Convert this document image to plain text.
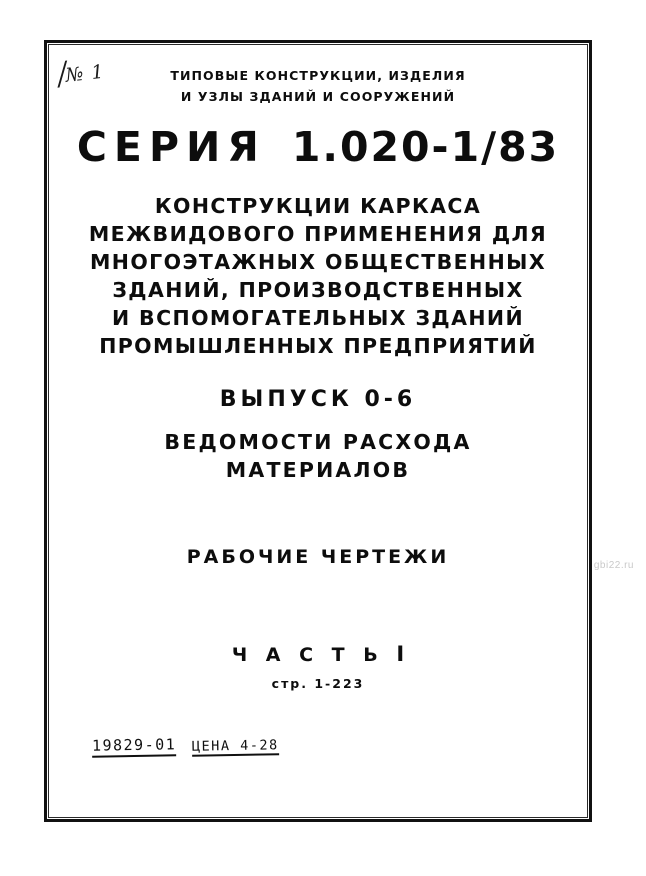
№ 1	ТИПОВЫЕ КОНСТРУКЦИИ, ИЗДЕЛИЯ
И УЗЛЫ ЗДАНИЙ И СООРУЖЕНИЙ
СЕРИЯ 1.020-1/83
КОНСТРУКЦИИ КАРКАСА
МЕЖВИДОВОГО ПРИМЕНЕНИЯ ДЛЯ
МНОГОЭТАЖНЫХ ОБЩЕСТВЕННЫХ
ЗДАНИЙ, ПРОИЗВОДСТВЕННЫХ
И ВСПОМОГАТЕЛЬНЫХ ЗДАНИЙ
ПРОМЫШЛЕННЫХ ПРЕДПРИЯТИЙ
ВЫПУСК 0-6
ВЕДОМОСТИ РАСХОДА
МАТЕРИАЛОВ
РАБОЧИЕ ЧЕРТЕЖИ
Ч А С Т Ь I
стр. 1-223
19829-01 ЦЕНА 4-28
gbi22.ru
